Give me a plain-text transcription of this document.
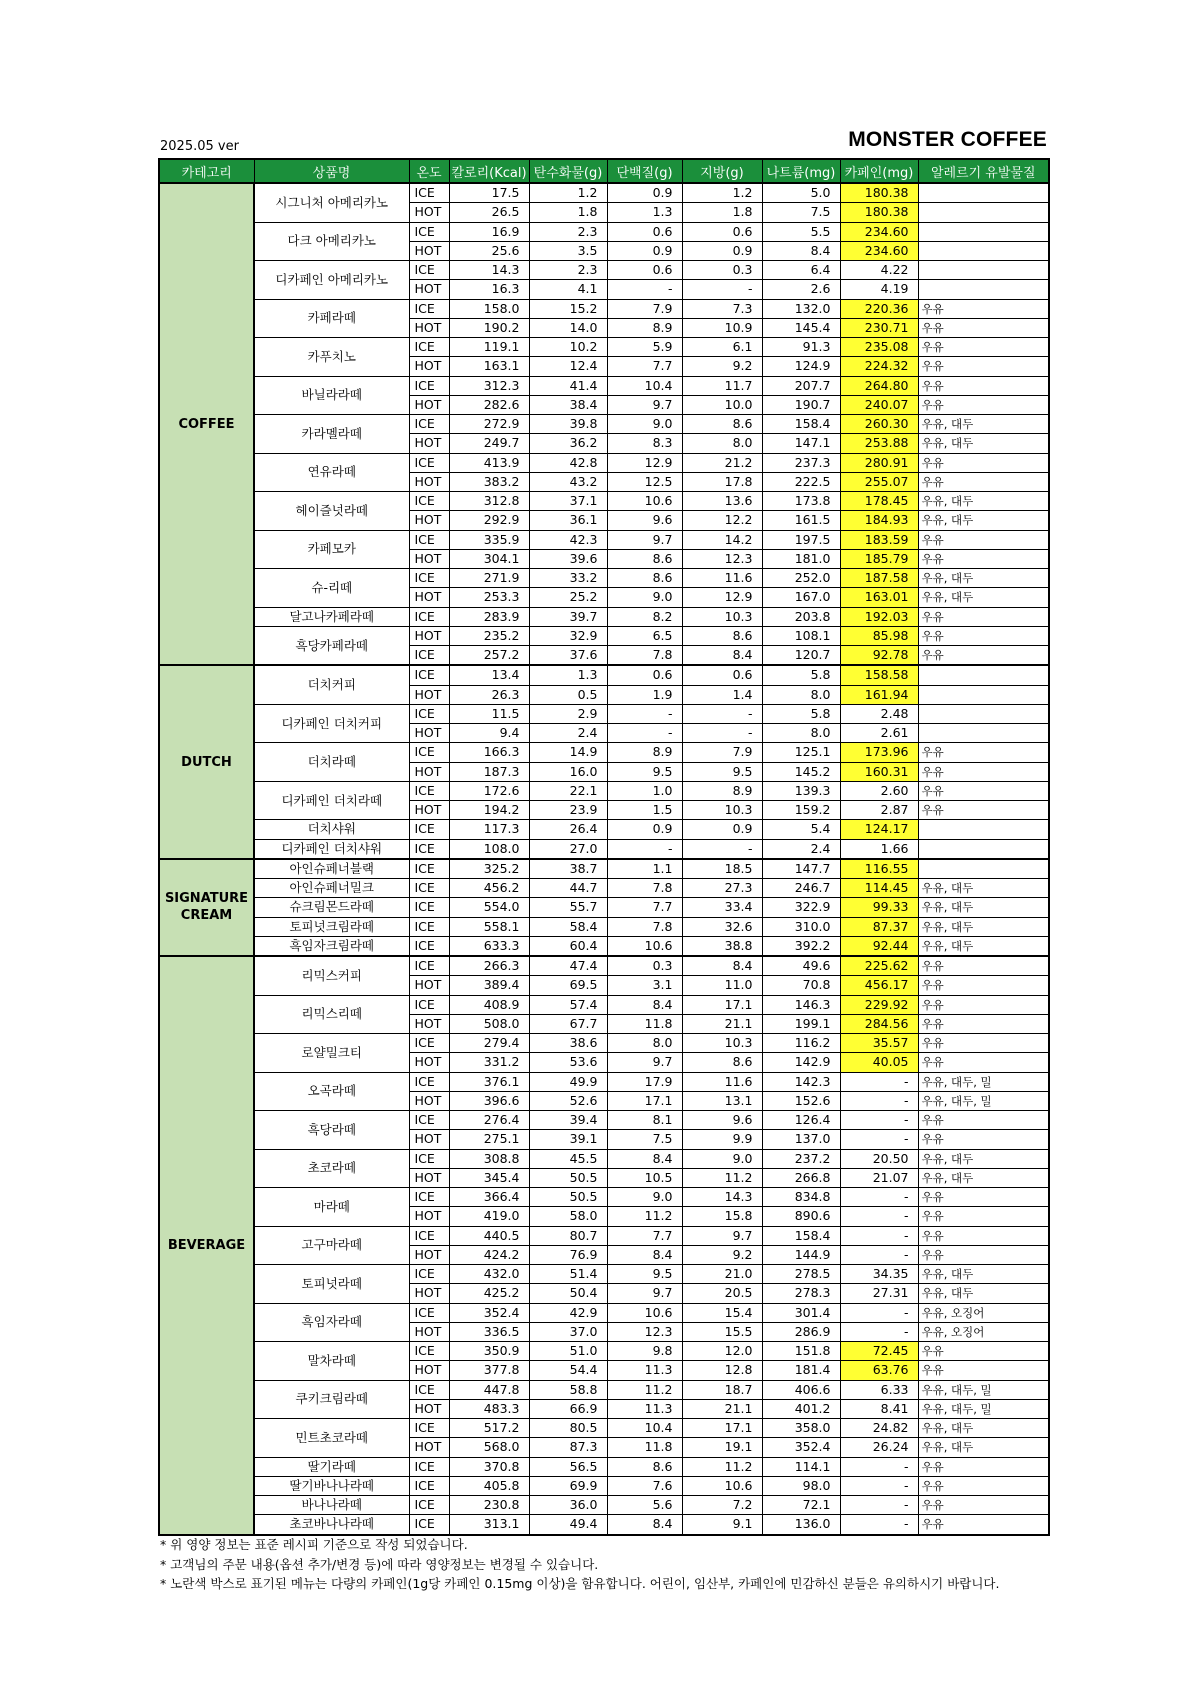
2025.05 ver	MONSTER COFFEE
카테고리	상품명	온도	칼로리(Kcal)	탄수화물(g)	단백질(g)	지방(g)	나트륨(mg)	카페인(mg)	알레르기 유발물질
COFFEE	시그니처 아메리카노	ICE	17.5	1.2	0.9	1.2	5.0	180.38	
		HOT	26.5	1.8	1.3	1.8	7.5	180.38	
	다크 아메리카노	ICE	16.9	2.3	0.6	0.6	5.5	234.60	
		HOT	25.6	3.5	0.9	0.9	8.4	234.60	
	디카페인 아메리카노	ICE	14.3	2.3	0.6	0.3	6.4	4.22	
		HOT	16.3	4.1	-	-	2.6	4.19	
	카페라떼	ICE	158.0	15.2	7.9	7.3	132.0	220.36	우유
		HOT	190.2	14.0	8.9	10.9	145.4	230.71	우유
	카푸치노	ICE	119.1	10.2	5.9	6.1	91.3	235.08	우유
		HOT	163.1	12.4	7.7	9.2	124.9	224.32	우유
	바닐라라떼	ICE	312.3	41.4	10.4	11.7	207.7	264.80	우유
		HOT	282.6	38.4	9.7	10.0	190.7	240.07	우유
	카라멜라떼	ICE	272.9	39.8	9.0	8.6	158.4	260.30	우유, 대두
		HOT	249.7	36.2	8.3	8.0	147.1	253.88	우유, 대두
	연유라떼	ICE	413.9	42.8	12.9	21.2	237.3	280.91	우유
		HOT	383.2	43.2	12.5	17.8	222.5	255.07	우유
	헤이즐넛라떼	ICE	312.8	37.1	10.6	13.6	173.8	178.45	우유, 대두
		HOT	292.9	36.1	9.6	12.2	161.5	184.93	우유, 대두
	카페모카	ICE	335.9	42.3	9.7	14.2	197.5	183.59	우유
		HOT	304.1	39.6	8.6	12.3	181.0	185.79	우유
	슈-리떼	ICE	271.9	33.2	8.6	11.6	252.0	187.58	우유, 대두
		HOT	253.3	25.2	9.0	12.9	167.0	163.01	우유, 대두
	달고나카페라떼	ICE	283.9	39.7	8.2	10.3	203.8	192.03	우유
	흑당카페라떼	HOT	235.2	32.9	6.5	8.6	108.1	85.98	우유
		ICE	257.2	37.6	7.8	8.4	120.7	92.78	우유
DUTCH	더치커피	ICE	13.4	1.3	0.6	0.6	5.8	158.58	
		HOT	26.3	0.5	1.9	1.4	8.0	161.94	
	디카페인 더치커피	ICE	11.5	2.9	-	-	5.8	2.48	
		HOT	9.4	2.4	-	-	8.0	2.61	
	더치라떼	ICE	166.3	14.9	8.9	7.9	125.1	173.96	우유
		HOT	187.3	16.0	9.5	9.5	145.2	160.31	우유
	디카페인 더치라떼	ICE	172.6	22.1	1.0	8.9	139.3	2.60	우유
		HOT	194.2	23.9	1.5	10.3	159.2	2.87	우유
	더치샤워	ICE	117.3	26.4	0.9	0.9	5.4	124.17	
	디카페인 더치샤워	ICE	108.0	27.0	-	-	2.4	1.66	
SIGNATURE CREAM	아인슈페너블랙	ICE	325.2	38.7	1.1	18.5	147.7	116.55	
	아인슈페너밀크	ICE	456.2	44.7	7.8	27.3	246.7	114.45	우유, 대두
	슈크림몬드라떼	ICE	554.0	55.7	7.7	33.4	322.9	99.33	우유, 대두
	토피넛크림라떼	ICE	558.1	58.4	7.8	32.6	310.0	87.37	우유, 대두
	흑임자크림라떼	ICE	633.3	60.4	10.6	38.8	392.2	92.44	우유, 대두
BEVERAGE	리믹스커피	ICE	266.3	47.4	0.3	8.4	49.6	225.62	우유
		HOT	389.4	69.5	3.1	11.0	70.8	456.17	우유
	리믹스리떼	ICE	408.9	57.4	8.4	17.1	146.3	229.92	우유
		HOT	508.0	67.7	11.8	21.1	199.1	284.56	우유
	로얄밀크티	ICE	279.4	38.6	8.0	10.3	116.2	35.57	우유
		HOT	331.2	53.6	9.7	8.6	142.9	40.05	우유
	오곡라떼	ICE	376.1	49.9	17.9	11.6	142.3	-	우유, 대두, 밀
		HOT	396.6	52.6	17.1	13.1	152.6	-	우유, 대두, 밀
	흑당라떼	ICE	276.4	39.4	8.1	9.6	126.4	-	우유
		HOT	275.1	39.1	7.5	9.9	137.0	-	우유
	초코라떼	ICE	308.8	45.5	8.4	9.0	237.2	20.50	우유, 대두
		HOT	345.4	50.5	10.5	11.2	266.8	21.07	우유, 대두
	마라떼	ICE	366.4	50.5	9.0	14.3	834.8	-	우유
		HOT	419.0	58.0	11.2	15.8	890.6	-	우유
	고구마라떼	ICE	440.5	80.7	7.7	9.7	158.4	-	우유
		HOT	424.2	76.9	8.4	9.2	144.9	-	우유
	토피넛라떼	ICE	432.0	51.4	9.5	21.0	278.5	34.35	우유, 대두
		HOT	425.2	50.4	9.7	20.5	278.3	27.31	우유, 대두
	흑임자라떼	ICE	352.4	42.9	10.6	15.4	301.4	-	우유, 오징어
		HOT	336.5	37.0	12.3	15.5	286.9	-	우유, 오징어
	말차라떼	ICE	350.9	51.0	9.8	12.0	151.8	72.45	우유
		HOT	377.8	54.4	11.3	12.8	181.4	63.76	우유
	쿠키크림라떼	ICE	447.8	58.8	11.2	18.7	406.6	6.33	우유, 대두, 밀
		HOT	483.3	66.9	11.3	21.1	401.2	8.41	우유, 대두, 밀
	민트초코라떼	ICE	517.2	80.5	10.4	17.1	358.0	24.82	우유, 대두
		HOT	568.0	87.3	11.8	19.1	352.4	26.24	우유, 대두
	딸기라떼	ICE	370.8	56.5	8.6	11.2	114.1	-	우유
	딸기바나나라떼	ICE	405.8	69.9	7.6	10.6	98.0	-	우유
	바나나라떼	ICE	230.8	36.0	5.6	7.2	72.1	-	우유
	초코바나나라떼	ICE	313.1	49.4	8.4	9.1	136.0	-	우유
* 위 영양 정보는 표준 레시피 기준으로 작성 되었습니다.
* 고객님의 주문 내용(옵션 추가/변경 등)에 따라 영양정보는 변경될 수 있습니다.
* 노란색 박스로 표기된 메뉴는 다량의 카페인(1g당 카페인 0.15mg 이상)을 함유합니다. 어린이, 임산부, 카페인에 민감하신 분들은 유의하시기 바랍니다.
